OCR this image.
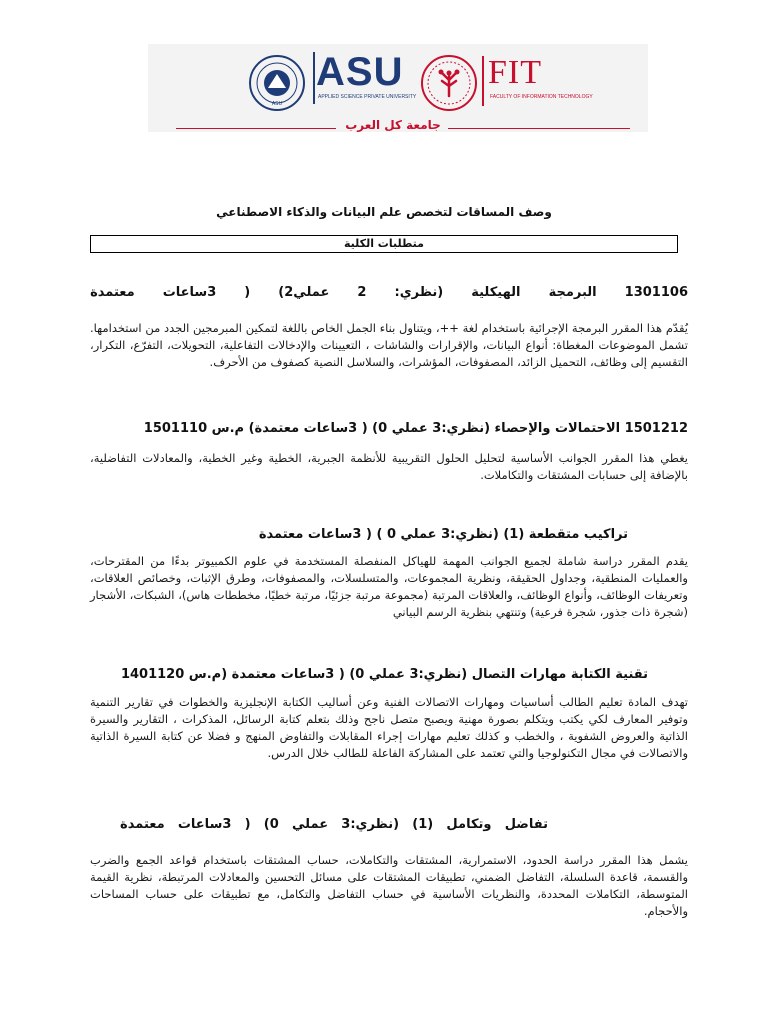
ASU
ASU
APPLIED SCIENCE PRIVATE UNIVERSITY
FIT
FACULTY OF INFORMATION TECHNOLOGY
جامعة كل العرب
وصف المساقات لتخصص علم البيانات والذكاء الاصطناعي
متطلبات الكلية
1301106
البرمجة
الهيكلية
(نظري:
2
عملي2)
(
3ساعات
معتمدة
يُقدّم هذا المقرر البرمجة الإجرائية باستخدام لغة ++، ويتناول بناء الجمل الخاص باللغة لتمكين المبرمجين الجدد من استخدامها. تشمل الموضوعات المغطاة: أنواع البيانات، والإقرارات والشاشات ، التعيينات والإدخالات التفاعلية، التحويلات، التفرّع، التكرار، التقسيم إلى وظائف، التحميل الزائد، المصفوفات، المؤشرات، والسلاسل النصية كصفوف من الأحرف.
1501212 الاحتمالات والإحصاء (نظري:3 عملي 0) ( 3ساعات معتمدة) م.س 1501110
يغطي هذا المقرر الجوانب الأساسية لتحليل الحلول التقريبية للأنظمة الجبرية، الخطية وغير الخطية، والمعادلات التفاضلية، بالإضافة إلى حسابات المشتقات والتكاملات.
تراكيب متقطعة (1) (نظري:3 عملي 0 ) ( 3ساعات معتمدة
يقدم المقرر دراسة شاملة لجميع الجوانب المهمة للهياكل المنفصلة المستخدمة في علوم الكمبيوتر بدءًا من المقترحات، والعمليات المنطقية، وجداول الحقيقة، ونظرية المجموعات، والمتسلسلات، والمصفوفات، وطرق الإثبات، وخصائص العلاقات، وتعريفات الوظائف، وأنواع الوظائف، والعلاقات المرتبة (مجموعة مرتبة جزئيًا، مرتبة خطيًا، مخططات هاس)، الشبكات، الأشجار (شجرة ذات جذور، شجرة فرعية) وتنتهي بنظرية الرسم البياني
تقنية الكتابة مهارات التصال (نظري:3 عملي 0) ( 3ساعات معتمدة (م.س 1401120
تهدف المادة تعليم الطالب أساسيات ومهارات الاتصالات الفنية وعن أساليب الكتابة الإنجليزية والخطوات في تقارير التنمية وتوفير المعارف لكي يكتب ويتكلم بصورة مهنية ويصبح متصل ناجح وذلك بتعلم كتابة الرسائل، المذكرات ، التقارير والسيرة الذاتية والعروض الشفوية ، والخطب و كذلك تعليم مهارات إجراء المقابلات والتفاوض المنهج و فضلا عن كتابة السيرة الذاتية والاتصالات في مجال التكنولوجيا والتي تعتمد على المشاركة الفاعلة للطالب خلال الدرس.
تفاضل
وتكامل
(1)
(نظري:3
عملي
0)
(
3ساعات
معتمدة
يشمل هذا المقرر دراسة الحدود، الاستمرارية، المشتقات والتكاملات، حساب المشتقات باستخدام قواعد الجمع والضرب والقسمة، قاعدة السلسلة، التفاضل الضمني، تطبيقات المشتقات على مسائل التحسين والمعادلات المرتبطة، نظرية القيمة المتوسطة، التكاملات المحددة، والنظريات الأساسية في حساب التفاضل والتكامل، مع تطبيقات على حساب المساحات والأحجام.
